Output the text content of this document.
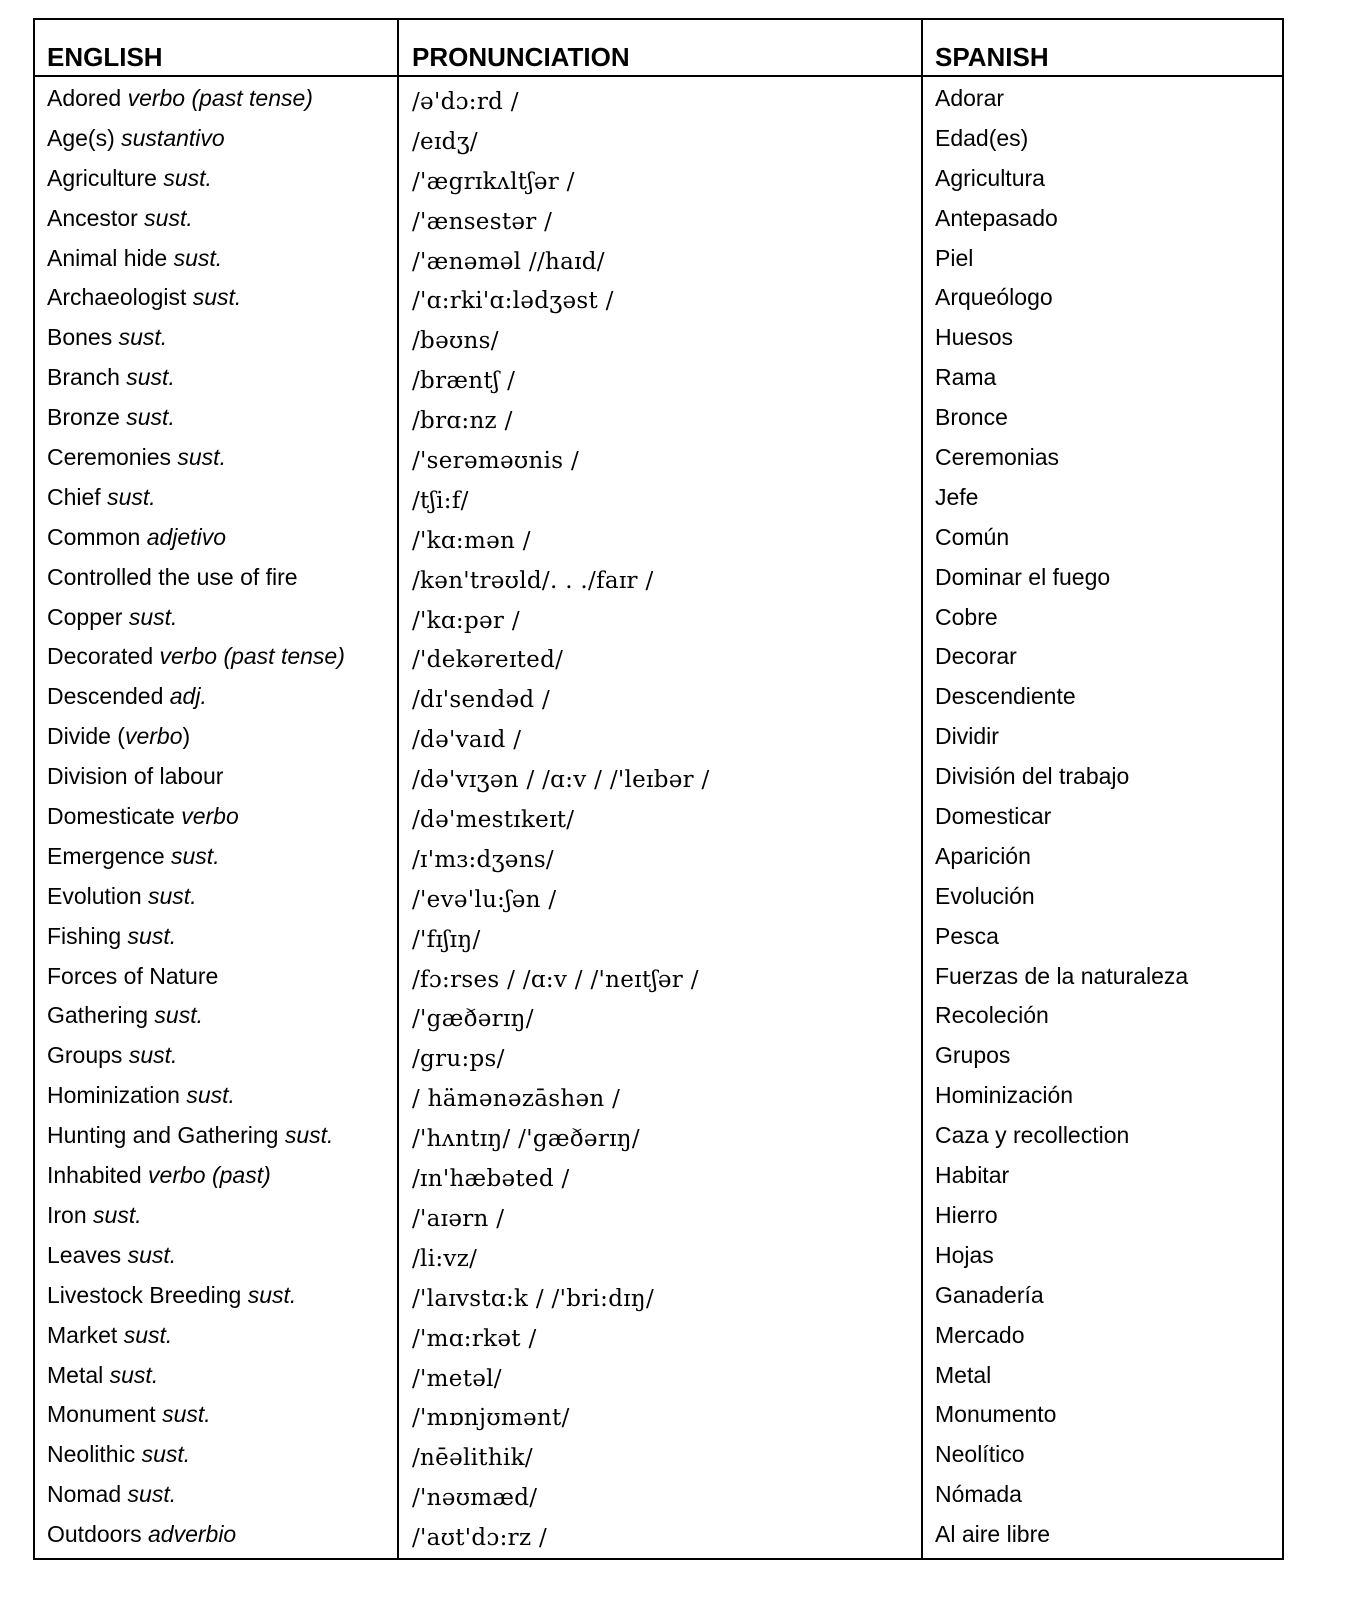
ENGLISH	PRONUNCIATION	SPANISH
Adored verbo (past tense)	/ə'dɔ:rd /	Adorar
Age(s) sustantivo	/eɪdʒ/	Edad(es)
Agriculture sust.	/'ægrɪkʌltʃər /	Agricultura
Ancestor sust.	/'ænsestər /	Antepasado
Animal hide sust.	/'ænəməl //haɪd/	Piel
Archaeologist sust.	/'ɑ:rki'ɑ:lədʒəst /	Arqueólogo
Bones sust.	/bəʊns/	Huesos
Branch sust.	/bræntʃ /	Rama
Bronze sust.	/brɑ:nz /	Bronce
Ceremonies sust.	/'serəməʊnis /	Ceremonias
Chief sust.	/tʃi:f/	Jefe
Common adjetivo	/'kɑ:mən /	Común
Controlled the use of fire	/kən'trəʊld/. . ./faɪr /	Dominar el fuego
Copper sust.	/'kɑ:pər /	Cobre
Decorated verbo (past tense)	/'dekəreɪted/	Decorar
Descended adj.	/dɪ'sendəd /	Descendiente
Divide (verbo)	/də'vaɪd /	Dividir
Division of labour	/də'vɪʒən / /ɑ:v / /'leɪbər /	División del trabajo
Domesticate verbo	/də'mestɪkeɪt/	Domesticar
Emergence sust.	/ɪ'mɜ:dʒəns/	Aparición
Evolution sust.	/'evə'lu:ʃən /	Evolución
Fishing sust.	/'fɪʃɪŋ/	Pesca
Forces of Nature	/fɔ:rses / /ɑ:v / /'neɪtʃər /	Fuerzas de la naturaleza
Gathering sust.	/'gæðərɪŋ/	Recoleción
Groups sust.	/gru:ps/	Grupos
Hominization sust.	/ hämənəzāshən /	Hominización
Hunting and Gathering sust.	/'hʌntɪŋ/ /'gæðərɪŋ/	Caza y recollection
Inhabited verbo (past)	/ɪn'hæbəted /	Habitar
Iron sust.	/'aɪərn /	Hierro
Leaves sust.	/li:vz/	Hojas
Livestock Breeding sust.	/'laɪvstɑ:k / /'bri:dɪŋ/	Ganadería
Market sust.	/'mɑ:rkət /	Mercado
Metal sust.	/'metəl/	Metal
Monument sust.	/'mɒnjʊmənt/	Monumento
Neolithic sust.	/nēəlithik/	Neolítico
Nomad sust.	/'nəʊmæd/	Nómada
Outdoors adverbio	/'aʊt'dɔ:rz /	Al aire libre
